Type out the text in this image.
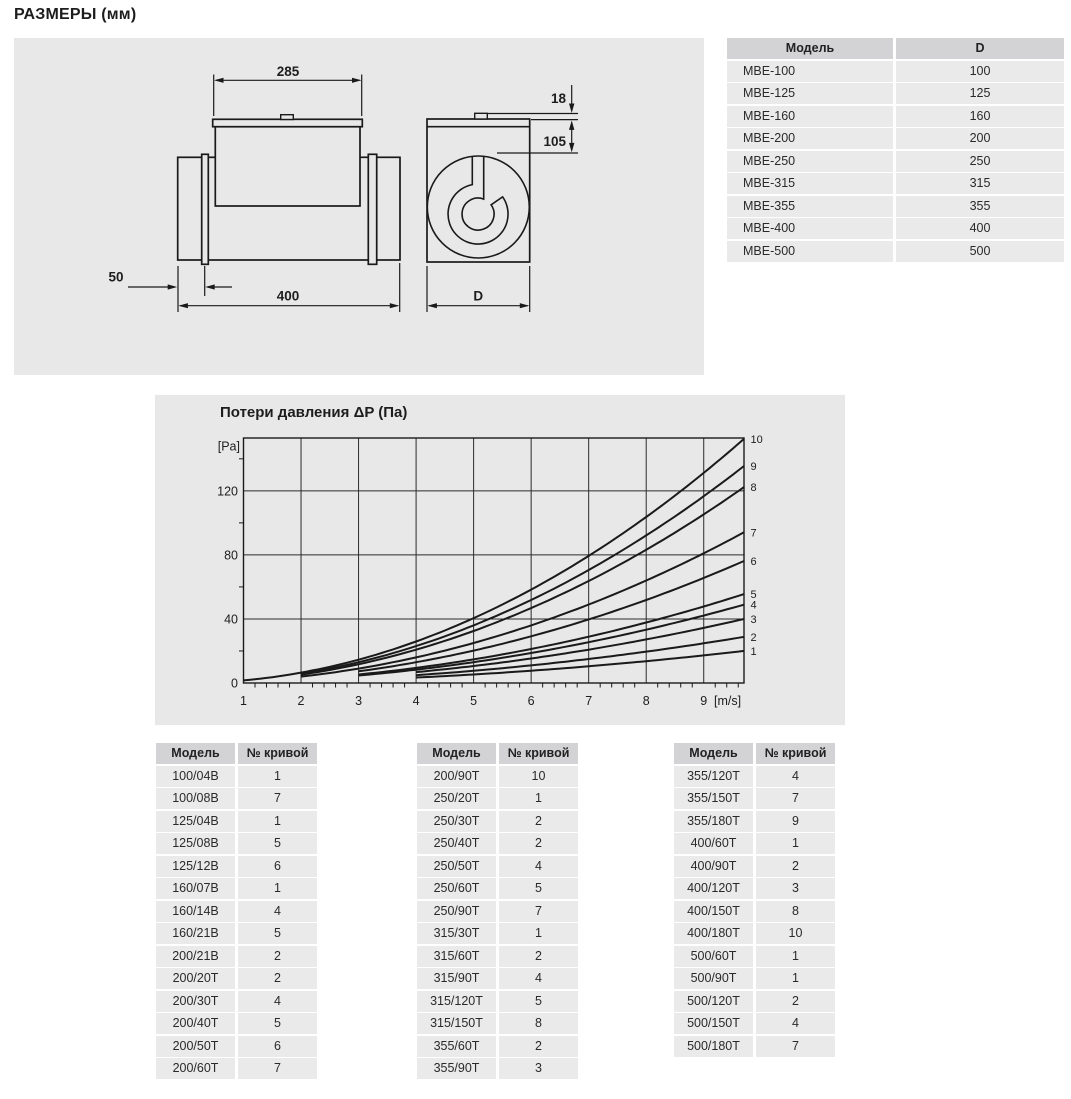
РАЗМЕРЫ (мм)
285
400
50
D
18
105
Модель	D
МВЕ-100	100
МВЕ-125	125
МВЕ-160	160
МВЕ-200	200
МВЕ-250	250
МВЕ-315	315
МВЕ-355	355
МВЕ-400	400
МВЕ-500	500
Потери давления ΔP (Па)
1	2	3	4	5	6	7	8	9
0
40
80
120
[m/s]
[Pa]
1
2
3
4
5
6
7
8
9
10
Модель	№ кривой
100/04В	1
100/08В	7
125/04В	1
125/08В	5
125/12В	6
160/07В	1
160/14В	4
160/21В	5
200/21В	2
200/20Т	2
200/30Т	4
200/40Т	5
200/50Т	6
200/60Т	7
Модель	№ кривой
200/90Т	10
250/20Т	1
250/30Т	2
250/40Т	2
250/50Т	4
250/60Т	5
250/90Т	7
315/30Т	1
315/60Т	2
315/90Т	4
315/120Т	5
315/150Т	8
355/60Т	2
355/90Т	3
Модель	№ кривой
355/120Т	4
355/150Т	7
355/180Т	9
400/60Т	1
400/90Т	2
400/120Т	3
400/150Т	8
400/180Т	10
500/60Т	1
500/90Т	1
500/120Т	2
500/150Т	4
500/180Т	7
